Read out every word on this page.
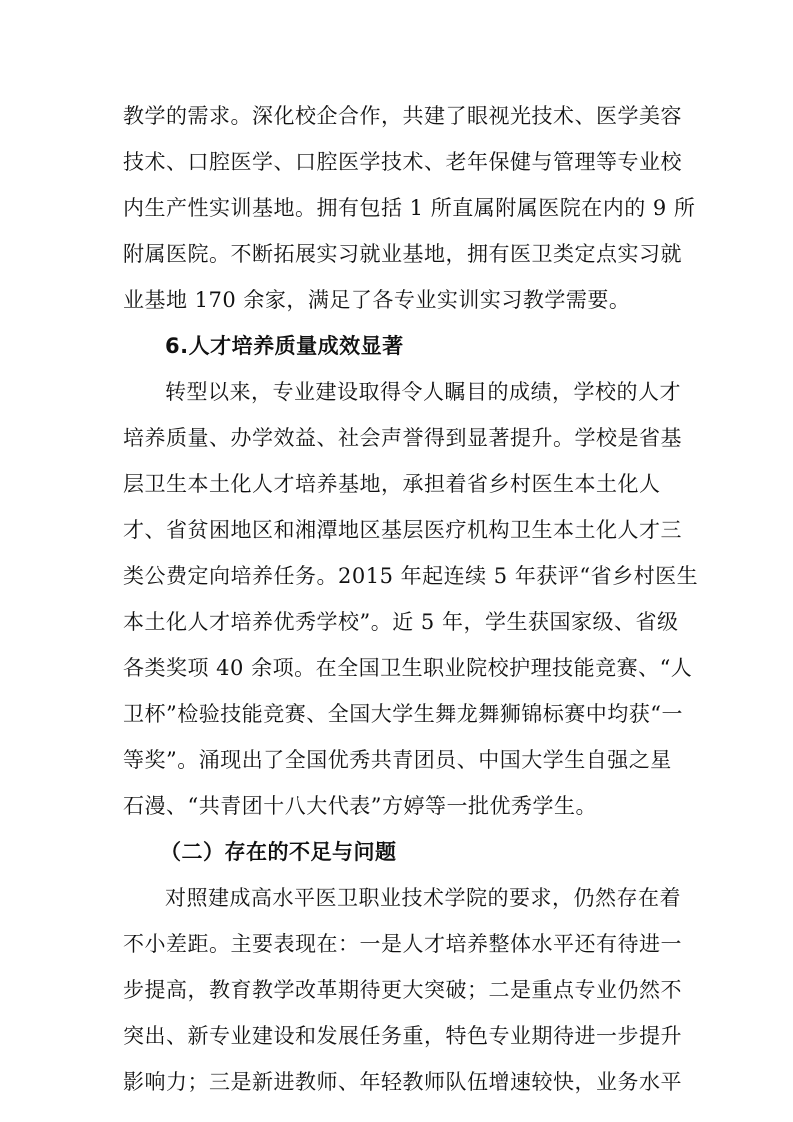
教学的需求。深化校企合作，共建了眼视光技术、医学美容
技术、口腔医学、口腔医学技术、老年保健与管理等专业校
内生产性实训基地。拥有包括 1 所直属附属医院在内的 9 所
附属医院。不断拓展实习就业基地，拥有医卫类定点实习就
业基地 170 余家，满足了各专业实训实习教学需要。
6.人才培养质量成效显著
转型以来，专业建设取得令人瞩目的成绩，学校的人才
培养质量、办学效益、社会声誉得到显著提升。学校是省基
层卫生本土化人才培养基地，承担着省乡村医生本土化人
才、省贫困地区和湘潭地区基层医疗机构卫生本土化人才三
类公费定向培养任务。2015 年起连续 5 年获评“省乡村医生
本土化人才培养优秀学校”。近 5 年，学生获国家级、省级
各类奖项 40 余项。在全国卫生职业院校护理技能竞赛、“人
卫杯”检验技能竞赛、全国大学生舞龙舞狮锦标赛中均获“一
等奖”。涌现出了全国优秀共青团员、中国大学生自强之星
石漫、“共青团十八大代表”方婷等一批优秀学生。
（二）存在的不足与问题
对照建成高水平医卫职业技术学院的要求，仍然存在着
不小差距。主要表现在：一是人才培养整体水平还有待进一
步提高，教育教学改革期待更大突破；二是重点专业仍然不
突出、新专业建设和发展任务重，特色专业期待进一步提升
影响力；三是新进教师、年轻教师队伍增速较快，业务水平
